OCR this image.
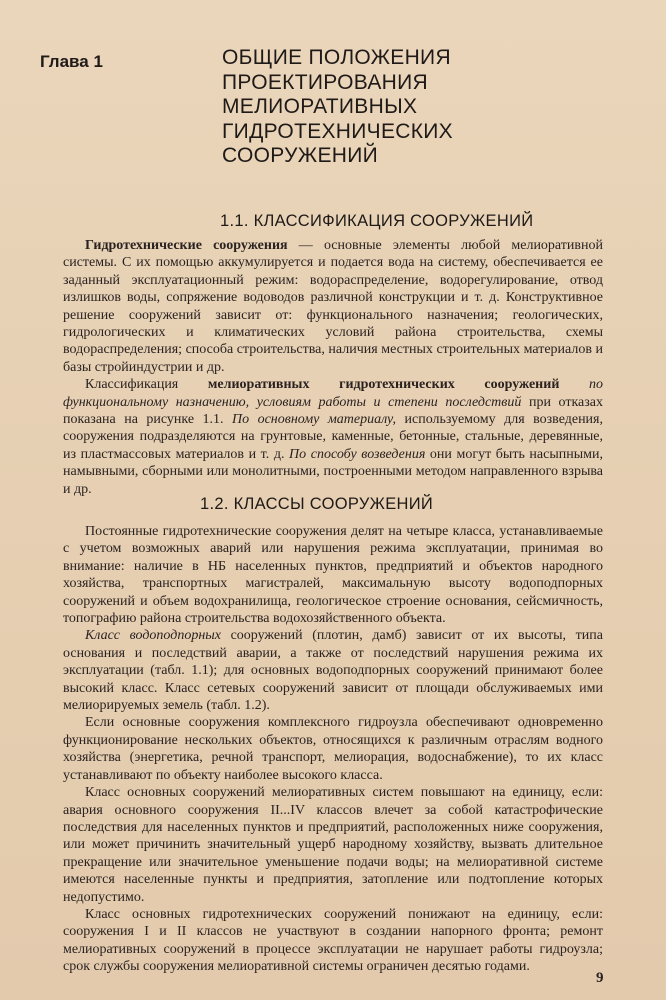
Глава 1	ОБЩИЕ ПОЛОЖЕНИЯ
ПРОЕКТИРОВАНИЯ
МЕЛИОРАТИВНЫХ
ГИДРОТЕХНИЧЕСКИХ
СООРУЖЕНИЙ
1.1. КЛАССИФИКАЦИЯ СООРУЖЕНИЙ

Гидротехнические сооружения — основные элементы любой мелиоративной системы. С их помощью аккумулируется и подается вода на систему, обеспечивается ее заданный эксплуатационный режим: водораспределение, водорегулирование, отвод излишков воды, сопряжение водоводов различной конструкции и т. д. Конструктивное решение сооружений зависит от: функционального назначения; геологических, гидрологических и климатических условий района строительства, схемы водораспределения; способа строительства, наличия местных строительных материалов и базы стройиндустрии и др.

Классификация мелиоративных гидротехнических сооружений по функциональному назначению, условиям работы и степени последствий при отказах показана на рисунке 1.1. По основному материалу, используемому для возведения, сооружения подразделяются на грунтовые, каменные, бетонные, стальные, деревянные, из пластмассовых материалов и т. д. По способу возведения они могут быть насыпными, намывными, сборными или монолитными, построенными методом направленного взрыва и др.

1.2. КЛАССЫ СООРУЖЕНИЙ

Постоянные гидротехнические сооружения делят на четыре класса, устанавливаемые с учетом возможных аварий или нарушения режима эксплуатации, принимая во внимание: наличие в НБ населенных пунктов, предприятий и объектов народного хозяйства, транспортных магистралей, максимальную высоту водоподпорных сооружений и объем водохранилища, геологическое строение основания, сейсмичность, топографию района строительства водохозяйственного объекта.

Класс водоподпорных сооружений (плотин, дамб) зависит от их высоты, типа основания и последствий аварии, а также от последствий нарушения режима их эксплуатации (табл. 1.1); для основных водоподпорных сооружений принимают более высокий класс. Класс сетевых сооружений зависит от площади обслуживаемых ими мелиорируемых земель (табл. 1.2).

Если основные сооружения комплексного гидроузла обеспечивают одновременно функционирование нескольких объектов, относящихся к различным отраслям водного хозяйства (энергетика, речной транспорт, мелиорация, водоснабжение), то их класс устанавливают по объекту наиболее высокого класса.

Класс основных сооружений мелиоративных систем повышают на единицу, если: авария основного сооружения II...IV классов влечет за собой катастрофические последствия для населенных пунктов и предприятий, расположенных ниже сооружения, или может причинить значительный ущерб народному хозяйству, вызвать длительное прекращение или значительное уменьшение подачи воды; на мелиоративной системе имеются населенные пункты и предприятия, затопление или подтопление которых недопустимо.

Класс основных гидротехнических сооружений понижают на единицу, если: сооружения I и II классов не участвуют в создании напорного фронта; ремонт мелиоративных сооружений в процессе эксплуатации не нарушает работы гидроузла; срок службы сооружения мелиоративной системы ограничен десятью годами.

9
